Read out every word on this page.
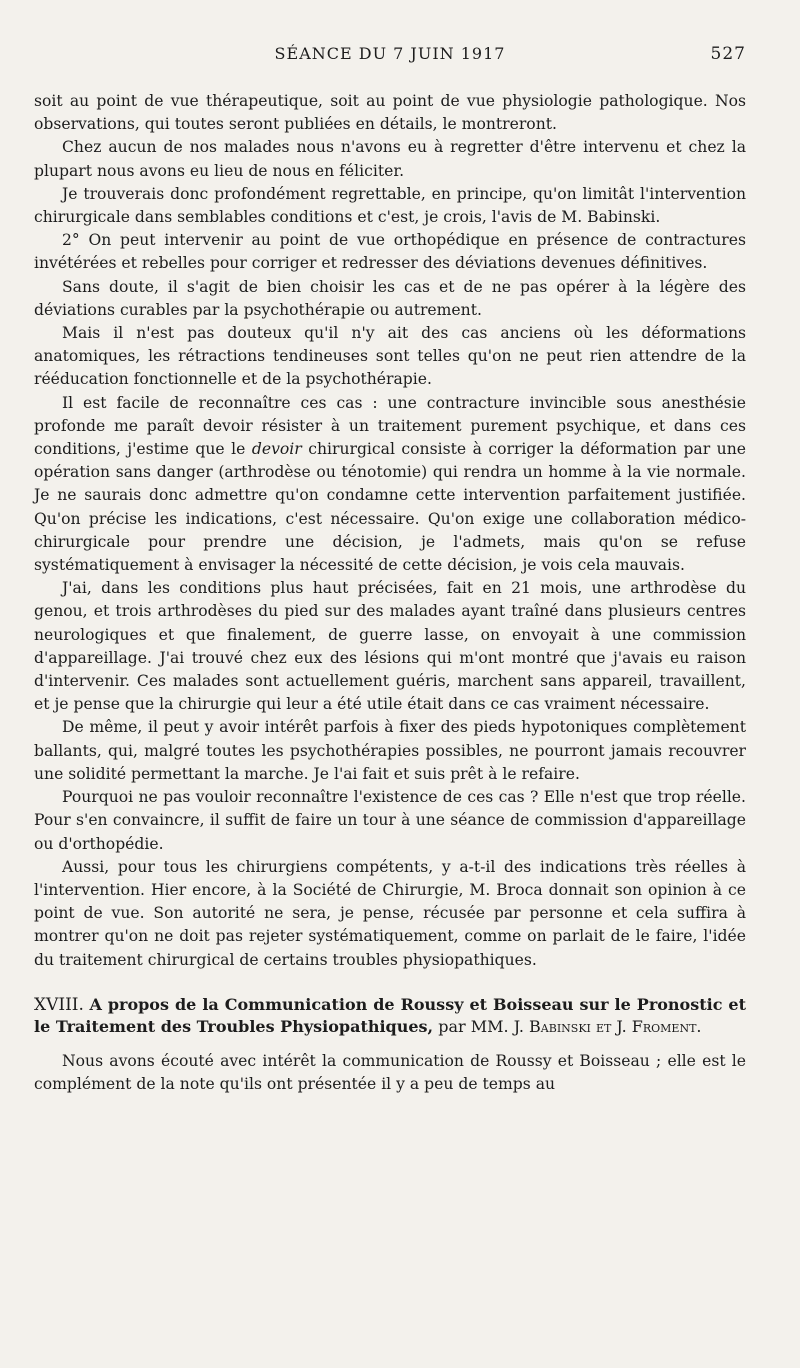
SÉANCE DU 7 JUIN 1917	527

soit au point de vue thérapeutique, soit au point de vue physiologie pathologique. Nos observations, qui toutes seront publiées en détails, le montreront.

Chez aucun de nos malades nous n'avons eu à regretter d'être intervenu et chez la plupart nous avons eu lieu de nous en féliciter.

Je trouverais donc profondément regrettable, en principe, qu'on limitât l'intervention chirurgicale dans semblables conditions et c'est, je crois, l'avis de M. Babinski.

2° On peut intervenir au point de vue orthopédique en présence de contractures invétérées et rebelles pour corriger et redresser des déviations devenues définitives.

Sans doute, il s'agit de bien choisir les cas et de ne pas opérer à la légère des déviations curables par la psychothérapie ou autrement.

Mais il n'est pas douteux qu'il n'y ait des cas anciens où les déformations anatomiques, les rétractions tendineuses sont telles qu'on ne peut rien attendre de la rééducation fonctionnelle et de la psychothérapie.

Il est facile de reconnaître ces cas : une contracture invincible sous anesthésie profonde me paraît devoir résister à un traitement purement psychique, et dans ces conditions, j'estime que le devoir chirurgical consiste à corriger la déformation par une opération sans danger (arthrodèse ou ténotomie) qui rendra un homme à la vie normale. Je ne saurais donc admettre qu'on condamne cette intervention parfaitement justifiée. Qu'on précise les indications, c'est nécessaire. Qu'on exige une collaboration médico-chirurgicale pour prendre une décision, je l'admets, mais qu'on se refuse systématiquement à envisager la nécessité de cette décision, je vois cela mauvais.

J'ai, dans les conditions plus haut précisées, fait en 21 mois, une arthrodèse du genou, et trois arthrodèses du pied sur des malades ayant traîné dans plusieurs centres neurologiques et que finalement, de guerre lasse, on envoyait à une commission d'appareillage. J'ai trouvé chez eux des lésions qui m'ont montré que j'avais eu raison d'intervenir. Ces malades sont actuellement guéris, marchent sans appareil, travaillent, et je pense que la chirurgie qui leur a été utile était dans ce cas vraiment nécessaire.

De même, il peut y avoir intérêt parfois à fixer des pieds hypotoniques complètement ballants, qui, malgré toutes les psychothérapies possibles, ne pourront jamais recouvrer une solidité permettant la marche. Je l'ai fait et suis prêt à le refaire.

Pourquoi ne pas vouloir reconnaître l'existence de ces cas ? Elle n'est que trop réelle. Pour s'en convaincre, il suffit de faire un tour à une séance de commission d'appareillage ou d'orthopédie.

Aussi, pour tous les chirurgiens compétents, y a-t-il des indications très réelles à l'intervention. Hier encore, à la Société de Chirurgie, M. Broca donnait son opinion à ce point de vue. Son autorité ne sera, je pense, récusée par personne et cela suffira à montrer qu'on ne doit pas rejeter systématiquement, comme on parlait de le faire, l'idée du traitement chirurgical de certains troubles physiopathiques.

XVIII. A propos de la Communication de Roussy et Boisseau sur le Pronostic et le Traitement des Troubles Physiopathiques, par MM. J. Babinski et J. Froment.

Nous avons écouté avec intérêt la communication de Roussy et Boisseau ; elle est le complément de la note qu'ils ont présentée il y a peu de temps au
